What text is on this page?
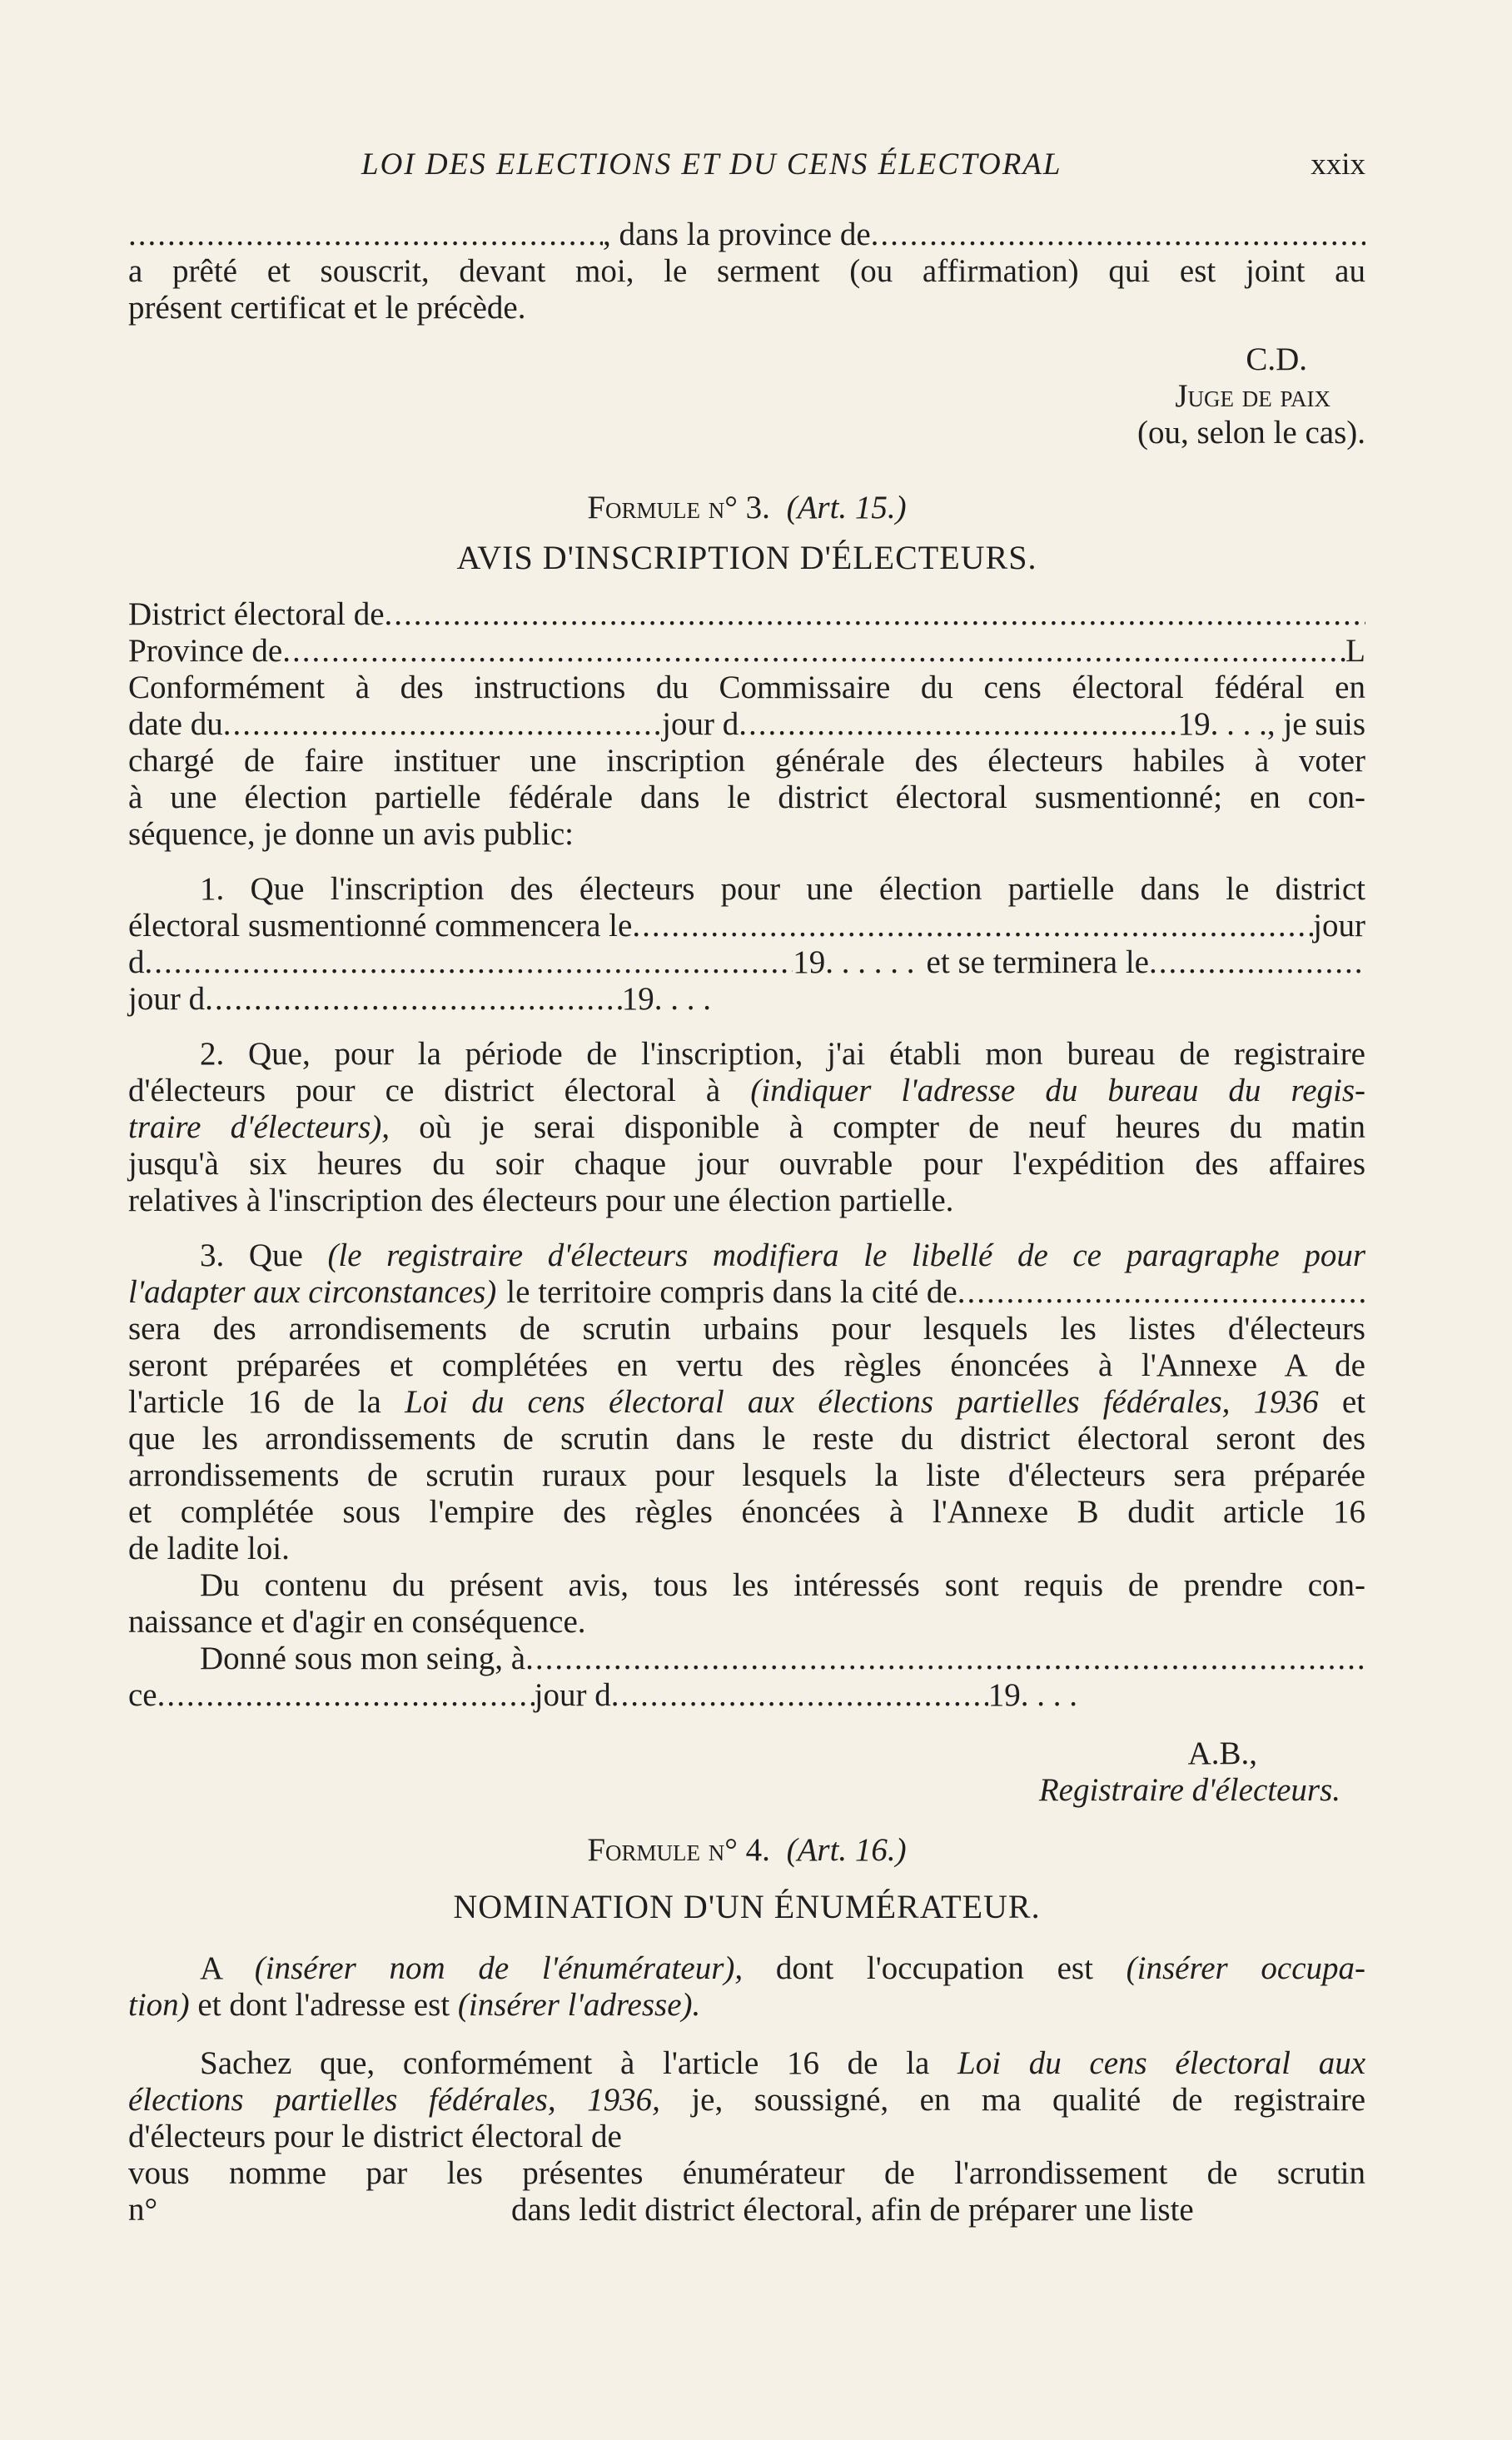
LOI DES ELECTIONS ET DU CENS ÉLECTORAL	xxix
.....
, dans la province de
.....
a prêté et souscrit, devant moi, le serment (ou affirmation) qui est joint au
présent certificat et le précède.
C.D.
Juge de paix
(ou, selon le cas).
Formule n° 3. (Art. 15.)
AVIS D'INSCRIPTION D'ÉLECTEURS.
District électoral de
.....
Province de .....	L
Conformément à des instructions du Commissaire du cens électoral fédéral en
date du .....	jour d .....	19. . . ., je suis
chargé de faire instituer une inscription générale des électeurs habiles à voter
à une élection partielle fédérale dans le district électoral susmentionné; en con-
séquence, je donne un avis public:
1. Que l'inscription des électeurs pour une élection partielle dans le district
électoral susmentionné commencera le .....	jour
d .....	19. . . . . . et se terminera le
.....
jour d .....	19. . . .
2. Que, pour la période de l'inscription, j'ai établi mon bureau de registraire
d'électeurs pour ce district électoral à (indiquer l'adresse du bureau du regis-
traire d'électeurs), où je serai disponible à compter de neuf heures du matin
jusqu'à six heures du soir chaque jour ouvrable pour l'expédition des affaires
relatives à l'inscription des électeurs pour une élection partielle.
3. Que (le registraire d'électeurs modifiera le libellé de ce paragraphe pour
l'adapter aux circonstances) le territoire compris dans la cité de
.....
sera des arrondisements de scrutin urbains pour lesquels les listes d'électeurs
seront préparées et complétées en vertu des règles énoncées à l'Annexe A de
l'article 16 de la Loi du cens électoral aux élections partielles fédérales, 1936 et
que les arrondissements de scrutin dans le reste du district électoral seront des
arrondissements de scrutin ruraux pour lesquels la liste d'électeurs sera préparée
et complétée sous l'empire des règles énoncées à l'Annexe B dudit article 16
de ladite loi.
Du contenu du présent avis, tous les intéressés sont requis de prendre con-
naissance et d'agir en conséquence.
Donné sous mon seing, à
.....
ce .....	jour d .....	19. . . .
A.B.,
Registraire d'électeurs.
Formule n° 4. (Art. 16.)
NOMINATION D'UN ÉNUMÉRATEUR.
A (insérer nom de l'énumérateur), dont l'occupation est (insérer occupa-
tion) et dont l'adresse est (insérer l'adresse).
Sachez que, conformément à l'article 16 de la Loi du cens électoral aux
élections partielles fédérales, 1936, je, soussigné, en ma qualité de registraire
d'électeurs pour le district électoral de
vous nomme par les présentes énumérateur de l'arrondissement de scrutin
n°	dans ledit district électoral, afin de préparer une liste
